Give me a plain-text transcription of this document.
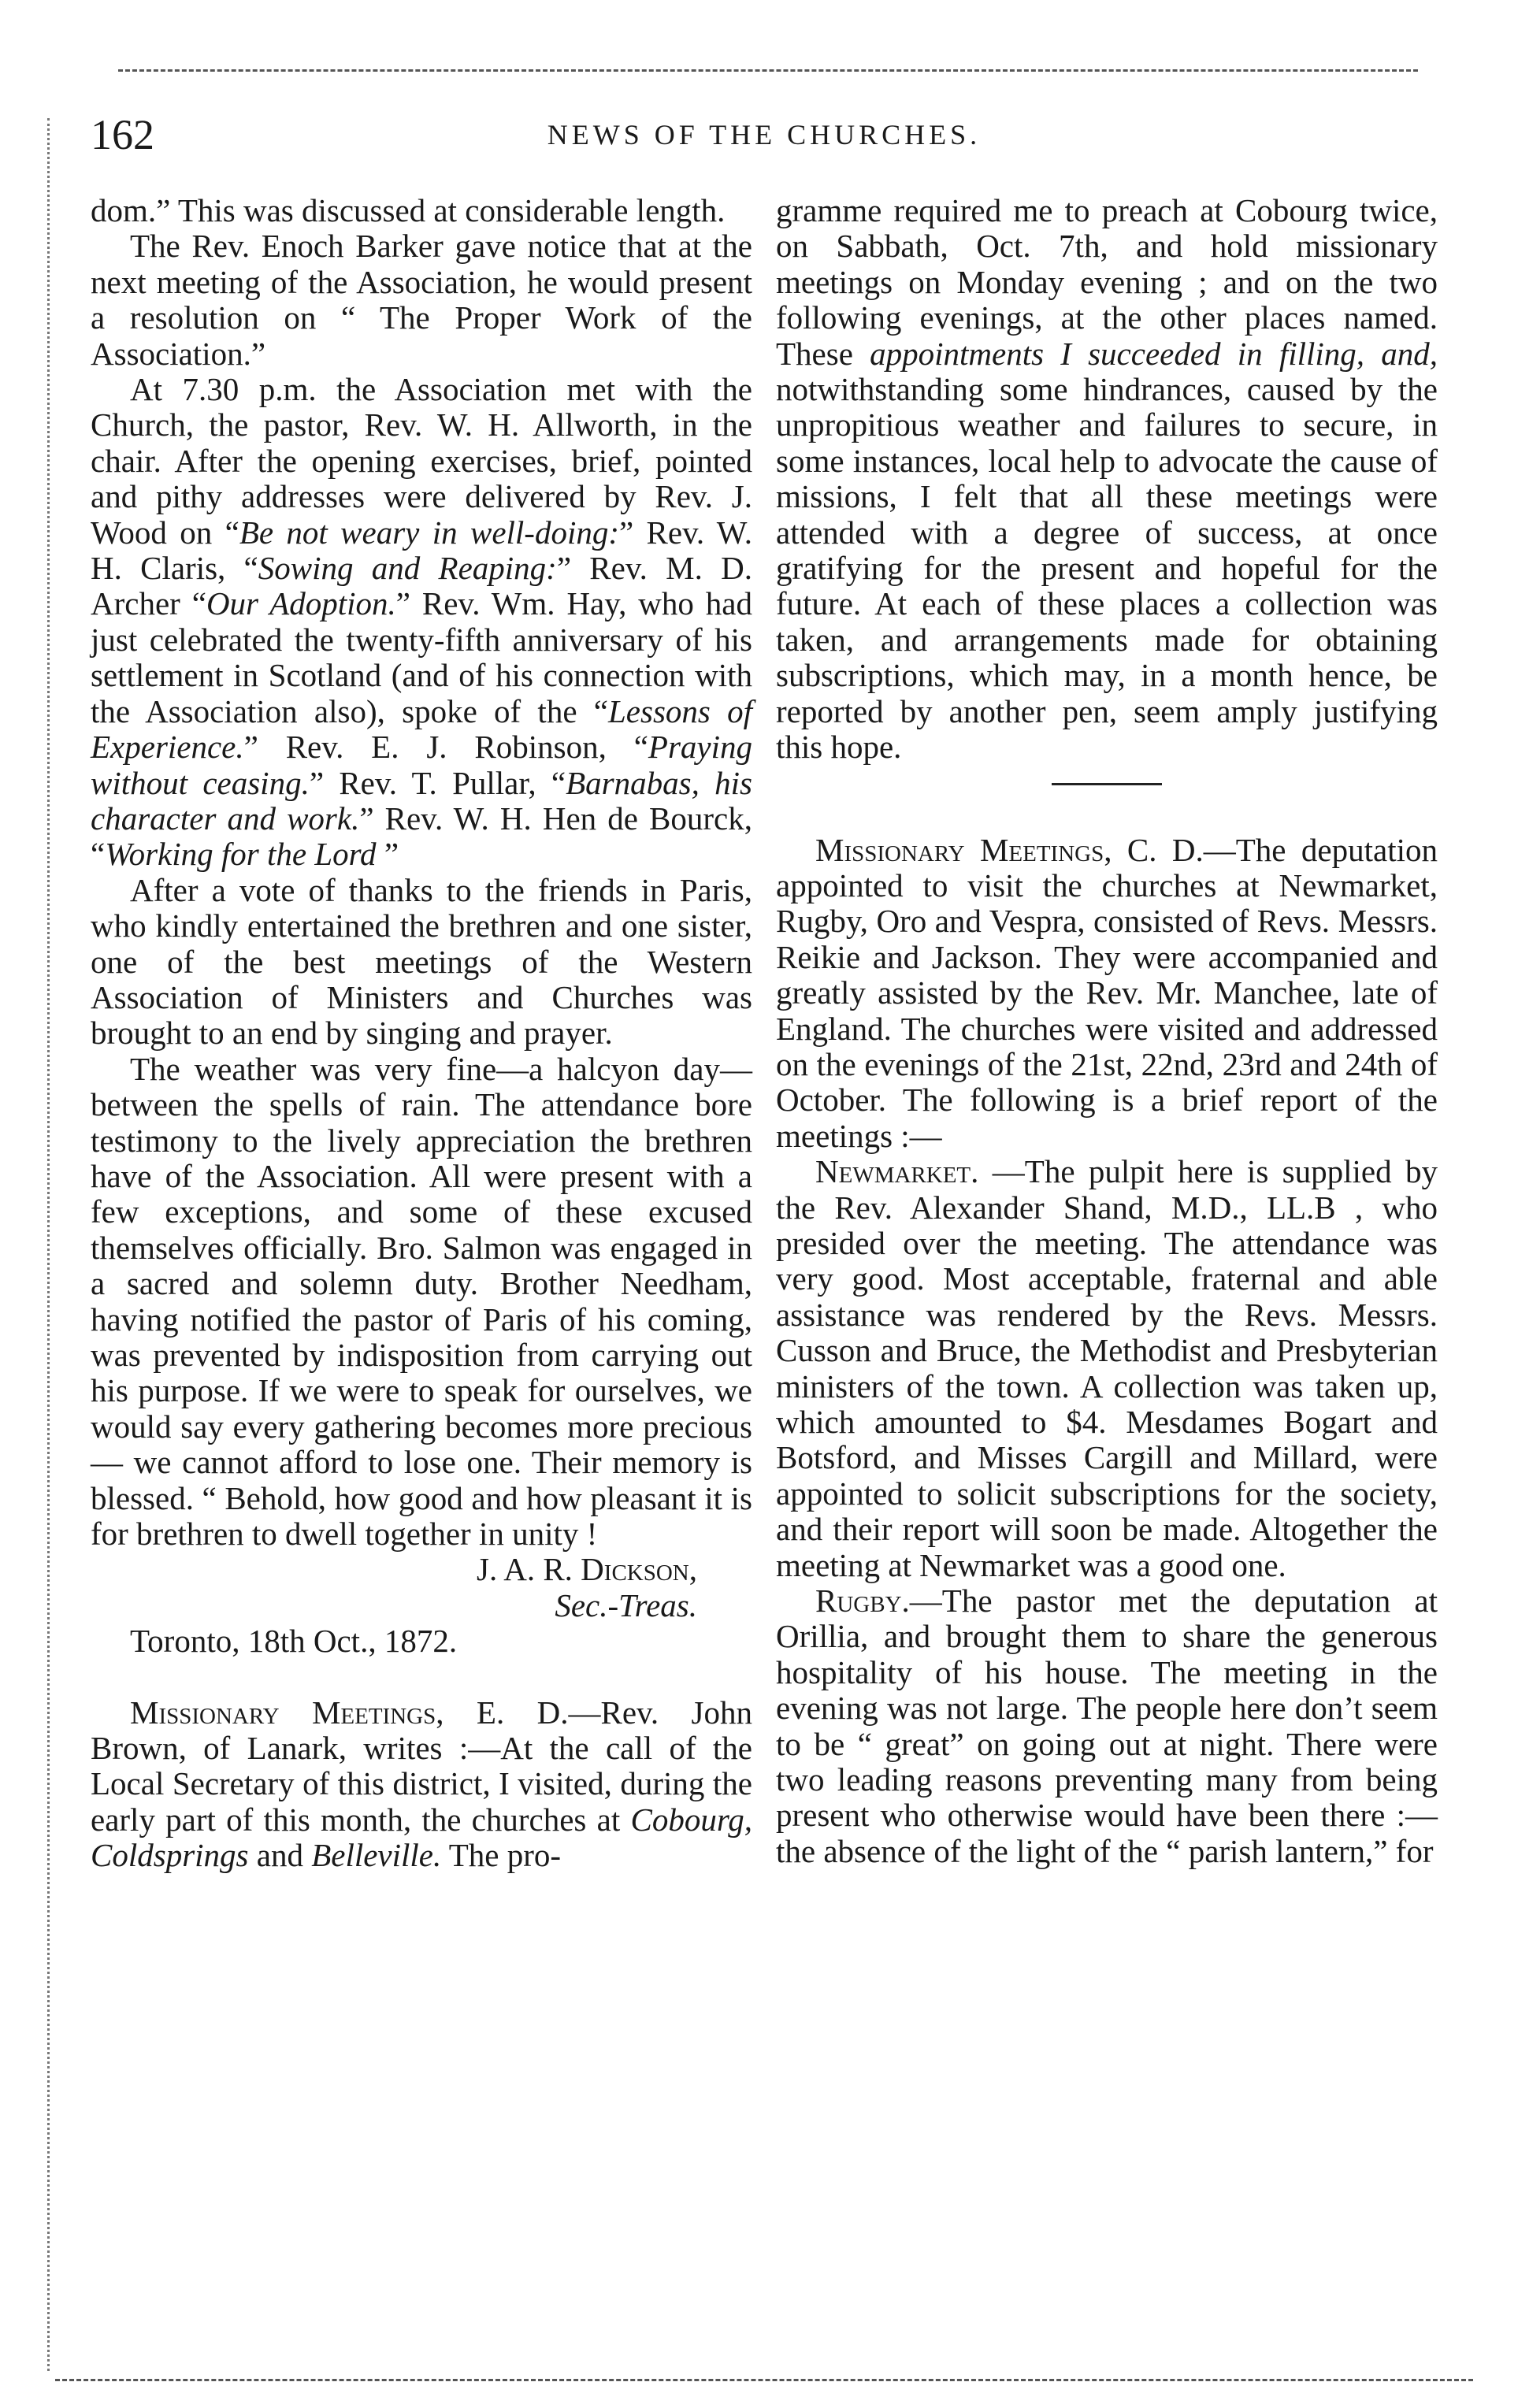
162	NEWS OF THE CHURCHES.

dom.” This was discussed at considerable length.

The Rev. Enoch Barker gave notice that at the next meeting of the Association, he would present a resolution on “ The Proper Work of the Association.”

At 7.30 p.m. the Association met with the Church, the pastor, Rev. W. H. Allworth, in the chair. After the opening exercises, brief, pointed and pithy addresses were delivered by Rev. J. Wood on “Be not weary in well-doing:” Rev. W. H. Claris, “Sowing and Reaping:” Rev. M. D. Archer “Our Adoption.” Rev. Wm. Hay, who had just celebrated the twenty-fifth anniversary of his settlement in Scotland (and of his connection with the Association also), spoke of the “Lessons of Experience.” Rev. E. J. Robinson, “Praying without ceasing.” Rev. T. Pullar, “Barnabas, his character and work.” Rev. W. H. Hen de Bourck, “Working for the Lord ”

After a vote of thanks to the friends in Paris, who kindly entertained the brethren and one sister, one of the best meetings of the Western Association of Ministers and Churches was brought to an end by singing and prayer.

The weather was very fine—a halcyon day—between the spells of rain. The attendance bore testimony to the lively appreciation the brethren have of the Association. All were present with a few exceptions, and some of these excused themselves officially. Bro. Salmon was engaged in a sacred and solemn duty. Brother Needham, having notified the pastor of Paris of his coming, was prevented by indisposition from carrying out his purpose. If we were to speak for ourselves, we would say every gathering becomes more precious— we cannot afford to lose one. Their memory is blessed. “ Behold, how good and how pleasant it is for brethren to dwell together in unity !

J. A. R. Dickson,

Sec.-Treas.

Toronto, 18th Oct., 1872.

Missionary Meetings, E. D.—Rev. John Brown, of Lanark, writes :—At the call of the Local Secretary of this district, I visited, during the early part of this month, the churches at Cobourg, Coldsprings and Belleville. The pro-

gramme required me to preach at Cobourg twice, on Sabbath, Oct. 7th, and hold missionary meetings on Monday evening ; and on the two following evenings, at the other places named. These appointments I succeeded in filling, and, notwithstanding some hindrances, caused by the unpropitious weather and failures to secure, in some instances, local help to advocate the cause of missions, I felt that all these meetings were attended with a degree of success, at once gratifying for the present and hopeful for the future. At each of these places a collection was taken, and arrangements made for obtaining subscriptions, which may, in a month hence, be reported by another pen, seem amply justifying this hope.

Missionary Meetings, C. D.—The deputation appointed to visit the churches at Newmarket, Rugby, Oro and Vespra, consisted of Revs. Messrs. Reikie and Jackson. They were accompanied and greatly assisted by the Rev. Mr. Manchee, late of England. The churches were visited and addressed on the evenings of the 21st, 22nd, 23rd and 24th of October. The following is a brief report of the meetings :—

Newmarket. —The pulpit here is supplied by the Rev. Alexander Shand, M.D., LL.B , who presided over the meeting. The attendance was very good. Most acceptable, fraternal and able assistance was rendered by the Revs. Messrs. Cusson and Bruce, the Methodist and Presbyterian ministers of the town. A collection was taken up, which amounted to $4. Mesdames Bogart and Botsford, and Misses Cargill and Millard, were appointed to solicit subscriptions for the society, and their report will soon be made. Altogether the meeting at Newmarket was a good one.

Rugby.—The pastor met the deputation at Orillia, and brought them to share the generous hospitality of his house. The meeting in the evening was not large. The people here don’t seem to be “ great” on going out at night. There were two leading reasons preventing many from being present who otherwise would have been there :— the absence of the light of the “ parish lantern,” for
